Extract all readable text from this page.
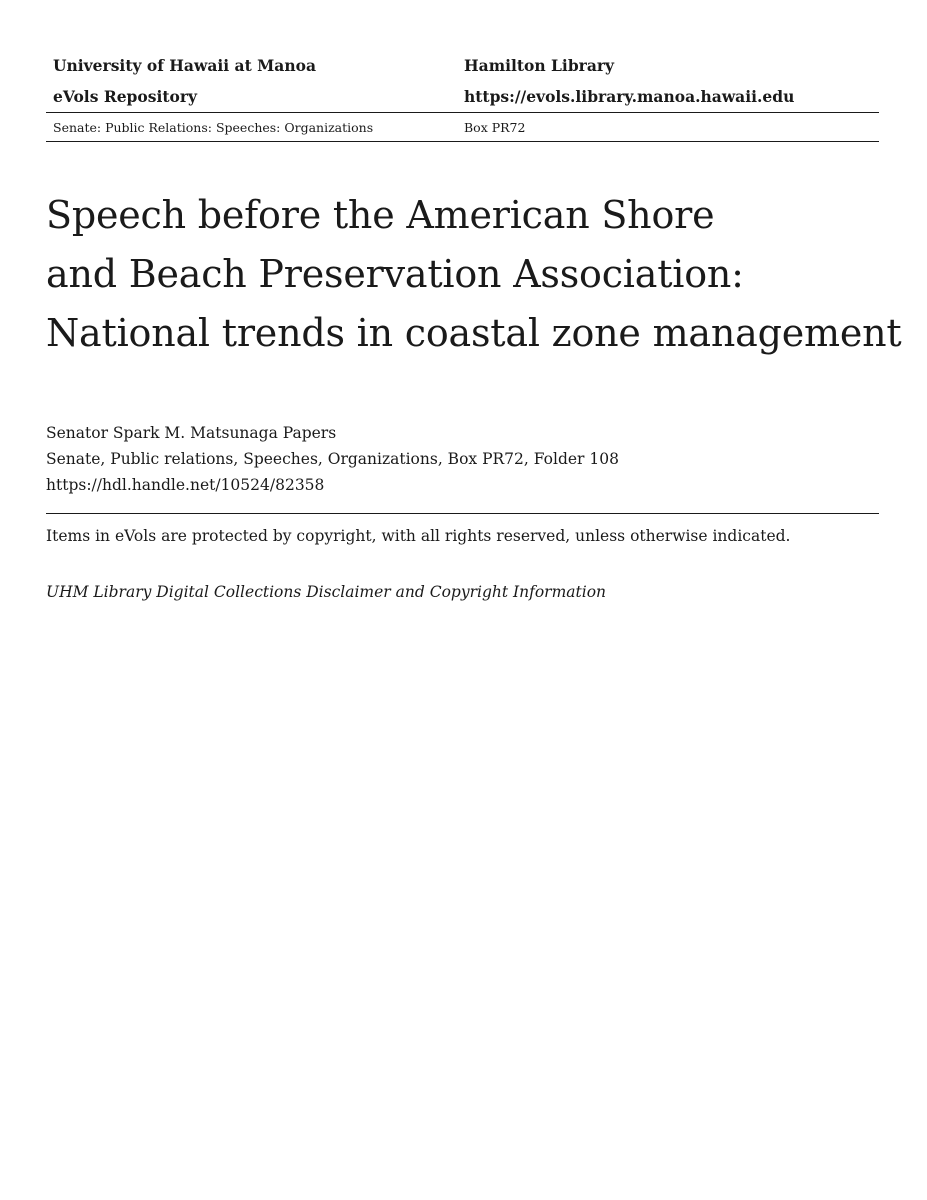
University of Hawaii at Manoa	Hamilton Library
eVols Repository	https://evols.library.manoa.hawaii.edu
Senate: Public Relations: Speeches: Organizations	Box PR72
Speech before the American Shore
and Beach Preservation Association:
National trends in coastal zone management
Senator Spark M. Matsunaga Papers
Senate, Public relations, Speeches, Organizations, Box PR72, Folder 108
https://hdl.handle.net/10524/82358
Items in eVols are protected by copyright, with all rights reserved, unless otherwise indicated.
UHM Library Digital Collections Disclaimer and Copyright Information
